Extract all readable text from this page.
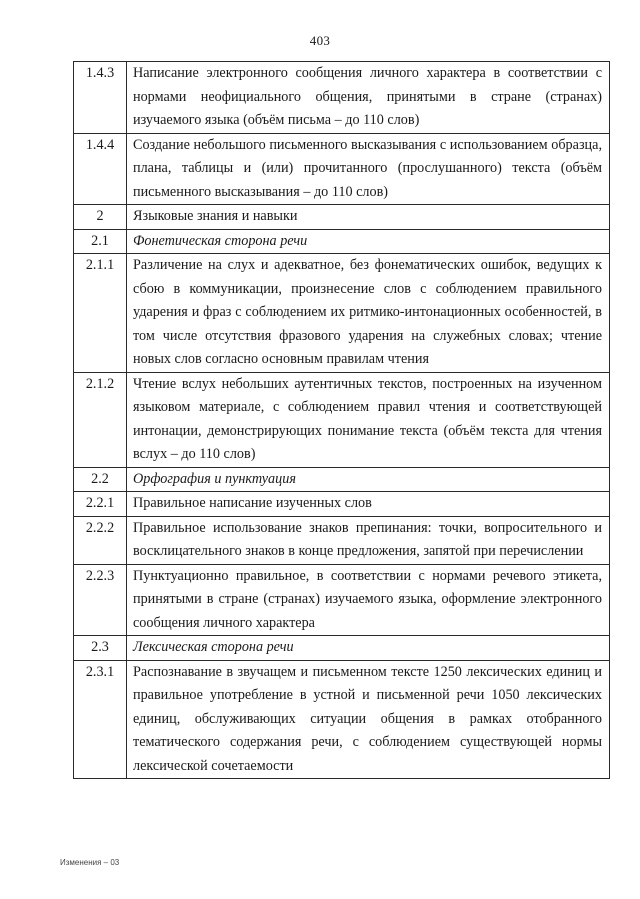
403
1.4.3	Написание электронного сообщения личного характера в соответствии с нормами неофициального общения, принятыми в стране (странах) изучаемого языка (объём письма – до 110 слов)
1.4.4	Создание небольшого письменного высказывания с использованием образца, плана, таблицы и (или) прочитанного (прослушанного) текста (объём письменного высказывания – до 110 слов)
2	Языковые знания и навыки
2.1	Фонетическая сторона речи
2.1.1	Различение на слух и адекватное, без фонематических ошибок, ведущих к сбою в коммуникации, произнесение слов с соблюдением правильного ударения и фраз с соблюдением их ритмико-интонационных особенностей, в том числе отсутствия фразового ударения на служебных словах; чтение новых слов согласно основным правилам чтения
2.1.2	Чтение вслух небольших аутентичных текстов, построенных на изученном языковом материале, с соблюдением правил чтения и соответствующей интонации, демонстрирующих понимание текста (объём текста для чтения вслух – до 110 слов)
2.2	Орфография и пунктуация
2.2.1	Правильное написание изученных слов
2.2.2	Правильное использование знаков препинания: точки, вопросительного и восклицательного знаков в конце предложения, запятой при перечислении
2.2.3	Пунктуационно правильное, в соответствии с нормами речевого этикета, принятыми в стране (странах) изучаемого языка, оформление электронного сообщения личного характера
2.3	Лексическая сторона речи
2.3.1	Распознавание в звучащем и письменном тексте 1250 лексических единиц и правильное употребление в устной и письменной речи 1050 лексических единиц, обслуживающих ситуации общения в рамках отобранного тематического содержания речи, с соблюдением существующей нормы лексической сочетаемости
Изменения – 03
